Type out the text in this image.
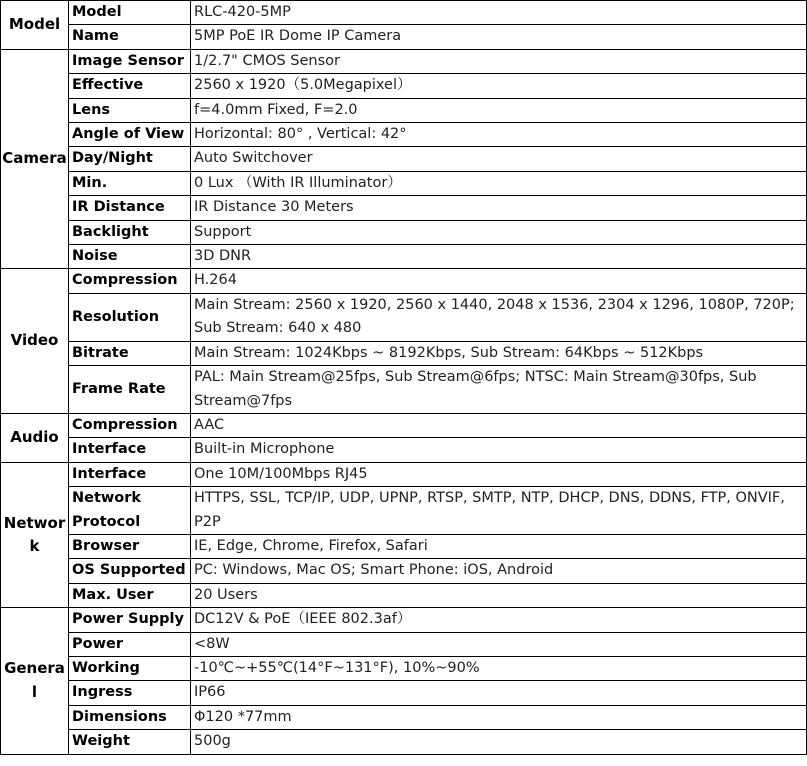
Model	Model	RLC-420-5MP
	Name	5MP PoE IR Dome IP Camera
Camera	Image Sensor	1/2.7" CMOS Sensor
	Effective	2560 x 1920（5.0Megapixel）
	Lens	f=4.0mm Fixed, F=2.0
	Angle of View	Horizontal: 80° , Vertical: 42°
	Day/Night	Auto Switchover
	Min.	0 Lux （With IR Illuminator）
	IR Distance	IR Distance 30 Meters
	Backlight	Support
	Noise	3D DNR
Video	Compression	H.264
	Resolution	Main Stream: 2560 x 1920, 2560 x 1440, 2048 x 1536, 2304 x 1296, 1080P, 720P; Sub Stream: 640 x 480
	Bitrate	Main Stream: 1024Kbps ~ 8192Kbps, Sub Stream: 64Kbps ~ 512Kbps
	Frame Rate	PAL: Main Stream@25fps, Sub Stream@6fps; NTSC: Main Stream@30fps, Sub Stream@7fps
Audio	Compression	AAC
	Interface	Built-in Microphone
Network	Interface	One 10M/100Mbps RJ45
	Network Protocol	HTTPS, SSL, TCP/IP, UDP, UPNP, RTSP, SMTP, NTP, DHCP, DNS, DDNS, FTP, ONVIF, P2P
	Browser	IE, Edge, Chrome, Firefox, Safari
	OS Supported	PC: Windows, Mac OS; Smart Phone: iOS, Android
	Max. User	20 Users
General	Power Supply	DC12V & PoE（IEEE 802.3af）
	Power	<8W
	Working	-10℃~+55℃(14°F~131°F), 10%~90%
	Ingress	IP66
	Dimensions	Φ120 *77mm
	Weight	500g
